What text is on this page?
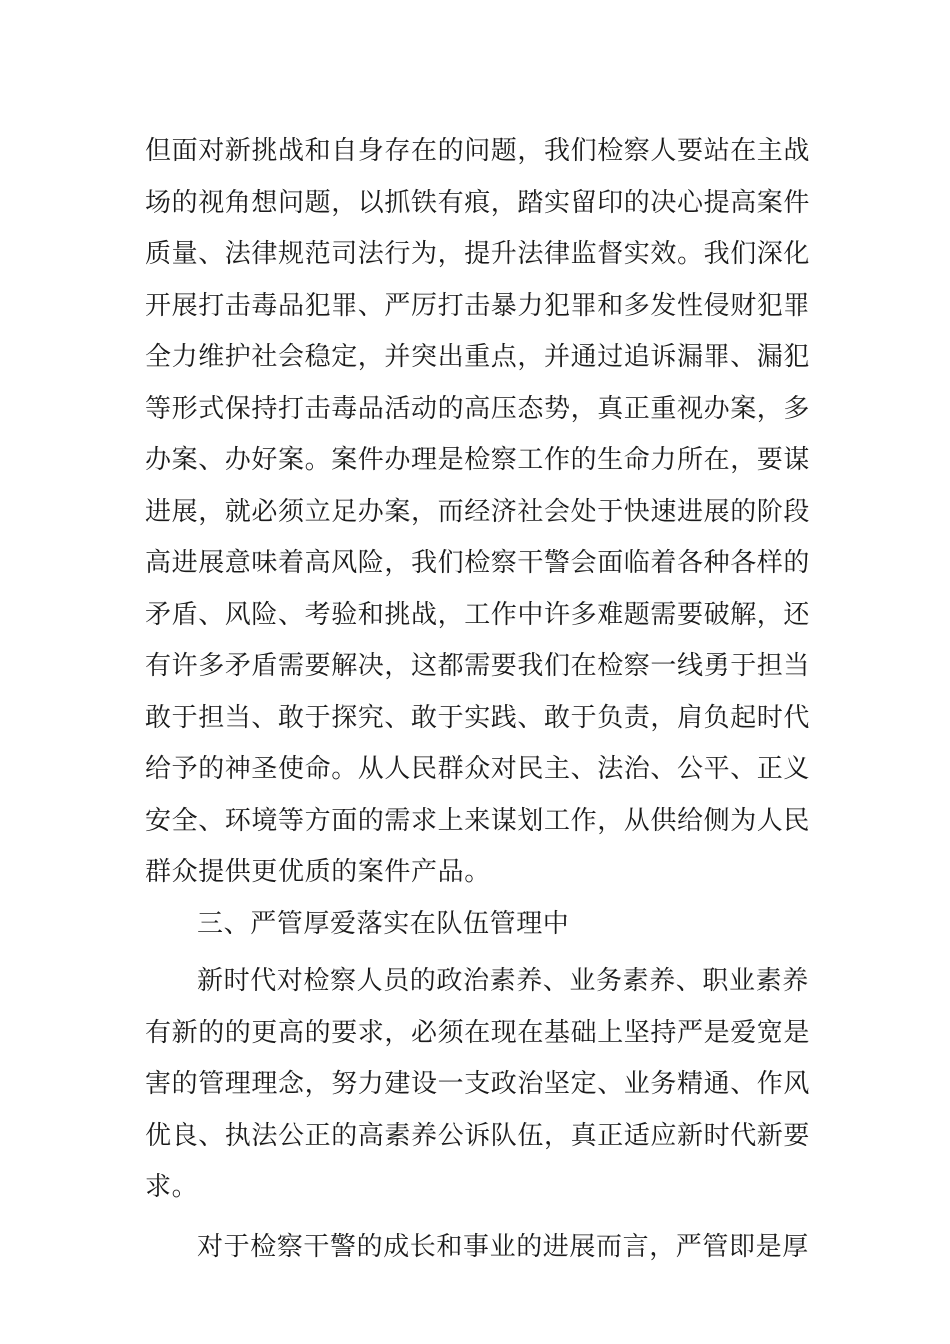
但面对新挑战和自身存在的问题，我们检察人要站在主战
场的视角想问题，以抓铁有痕，踏实留印的决心提高案件
质量、法律规范司法行为，提升法律监督实效。我们深化
开展打击毒品犯罪、严厉打击暴力犯罪和多发性侵财犯罪
全力维护社会稳定，并突出重点，并通过追诉漏罪、漏犯
等形式保持打击毒品活动的高压态势，真正重视办案，多
办案、办好案。案件办理是检察工作的生命力所在，要谋
进展，就必须立足办案，而经济社会处于快速进展的阶段
高进展意味着高风险，我们检察干警会面临着各种各样的
矛盾、风险、考验和挑战，工作中许多难题需要破解，还
有许多矛盾需要解决，这都需要我们在检察一线勇于担当
敢于担当、敢于探究、敢于实践、敢于负责，肩负起时代
给予的神圣使命。从人民群众对民主、法治、公平、正义
安全、环境等方面的需求上来谋划工作，从供给侧为人民
群众提供更优质的案件产品。
三、严管厚爱落实在队伍管理中
新时代对检察人员的政治素养、业务素养、职业素养
有新的的更高的要求，必须在现在基础上坚持严是爱宽是
害的管理理念，努力建设一支政治坚定、业务精通、作风
优良、执法公正的高素养公诉队伍，真正适应新时代新要
求。
对于检察干警的成长和事业的进展而言，严管即是厚
